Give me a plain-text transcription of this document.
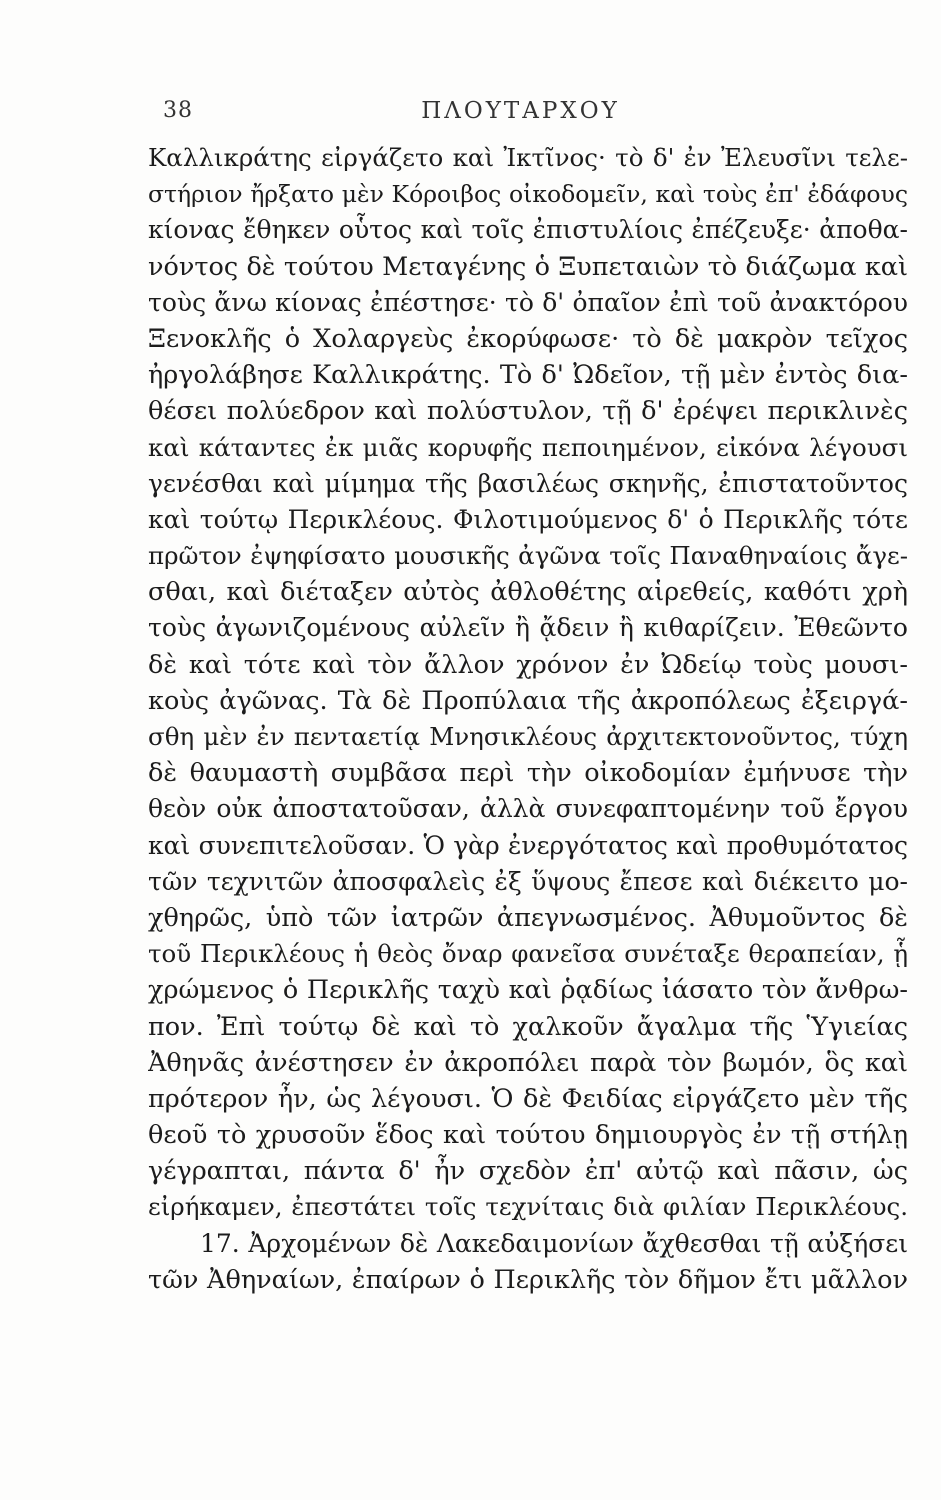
38	ΠΛΟΥΤΑΡΧΟΥ
Καλλικράτης εἰργάζετο καὶ Ἰκτῖνος· τὸ δ' ἐν Ἐλευσῖνι τελε-
στήριον ἤρξατο μὲν Κόροιβος οἰκοδομεῖν, καὶ τοὺς ἐπ' ἐδάφους
κίονας ἔθηκεν οὗτος καὶ τοῖς ἐπιστυλίοις ἐπέζευξε· ἀποθα-
νόντος δὲ τούτου Μεταγένης ὁ Ξυπεταιὼν τὸ διάζωμα καὶ
τοὺς ἄνω κίονας ἐπέστησε· τὸ δ' ὀπαῖον ἐπὶ τοῦ ἀνακτόρου
Ξενοκλῆς ὁ Χολαργεὺς ἐκορύφωσε· τὸ δὲ μακρὸν τεῖχος
ἠργολάβησε Καλλικράτης. Τὸ δ' Ὠδεῖον, τῇ μὲν ἐντὸς δια-
θέσει πολύεδρον καὶ πολύστυλον, τῇ δ' ἐρέψει περικλινὲς
καὶ κάταντες ἐκ μιᾶς κορυφῆς πεποιημένον, εἰκόνα λέγουσι
γενέσθαι καὶ μίμημα τῆς βασιλέως σκηνῆς, ἐπιστατοῦντος
καὶ τούτῳ Περικλέους. Φιλοτιμούμενος δ' ὁ Περικλῆς τότε
πρῶτον ἐψηφίσατο μουσικῆς ἀγῶνα τοῖς Παναθηναίοις ἄγε-
σθαι, καὶ διέταξεν αὐτὸς ἀθλοθέτης αἱρεθείς, καθότι χρὴ
τοὺς ἀγωνιζομένους αὐλεῖν ἢ ᾄδειν ἢ κιθαρίζειν. Ἐθεῶντο
δὲ καὶ τότε καὶ τὸν ἄλλον χρόνον ἐν Ὠδείῳ τοὺς μουσι-
κοὺς ἀγῶνας. Τὰ δὲ Προπύλαια τῆς ἀκροπόλεως ἐξειργά-
σθη μὲν ἐν πενταετίᾳ Μνησικλέους ἀρχιτεκτονοῦντος, τύχη
δὲ θαυμαστὴ συμβᾶσα περὶ τὴν οἰκοδομίαν ἐμήνυσε τὴν
θεὸν οὐκ ἀποστατοῦσαν, ἀλλὰ συνεφαπτομένην τοῦ ἔργου
καὶ συνεπιτελοῦσαν. Ὁ γὰρ ἐνεργότατος καὶ προθυμότατος
τῶν τεχνιτῶν ἀποσφαλεὶς ἐξ ὕψους ἔπεσε καὶ διέκειτο μο-
χθηρῶς, ὑπὸ τῶν ἰατρῶν ἀπεγνωσμένος. Ἀθυμοῦντος δὲ
τοῦ Περικλέους ἡ θεὸς ὄναρ φανεῖσα συνέταξε θεραπείαν, ᾗ
χρώμενος ὁ Περικλῆς ταχὺ καὶ ῥᾳδίως ἰάσατο τὸν ἄνθρω-
πον. Ἐπὶ τούτῳ δὲ καὶ τὸ χαλκοῦν ἄγαλμα τῆς Ὑγιείας
Ἀθηνᾶς ἀνέστησεν ἐν ἀκροπόλει παρὰ τὸν βωμόν, ὃς καὶ
πρότερον ἦν, ὡς λέγουσι. Ὁ δὲ Φειδίας εἰργάζετο μὲν τῆς
θεοῦ τὸ χρυσοῦν ἕδος καὶ τούτου δημιουργὸς ἐν τῇ στήλῃ
γέγραπται, πάντα δ' ἦν σχεδὸν ἐπ' αὐτῷ καὶ πᾶσιν, ὡς
εἰρήκαμεν, ἐπεστάτει τοῖς τεχνίταις διὰ φιλίαν Περικλέους.
17. Ἀρχομένων δὲ Λακεδαιμονίων ἄχθεσθαι τῇ αὐξήσει
τῶν Ἀθηναίων, ἐπαίρων ὁ Περικλῆς τὸν δῆμον ἔτι μᾶλλον
